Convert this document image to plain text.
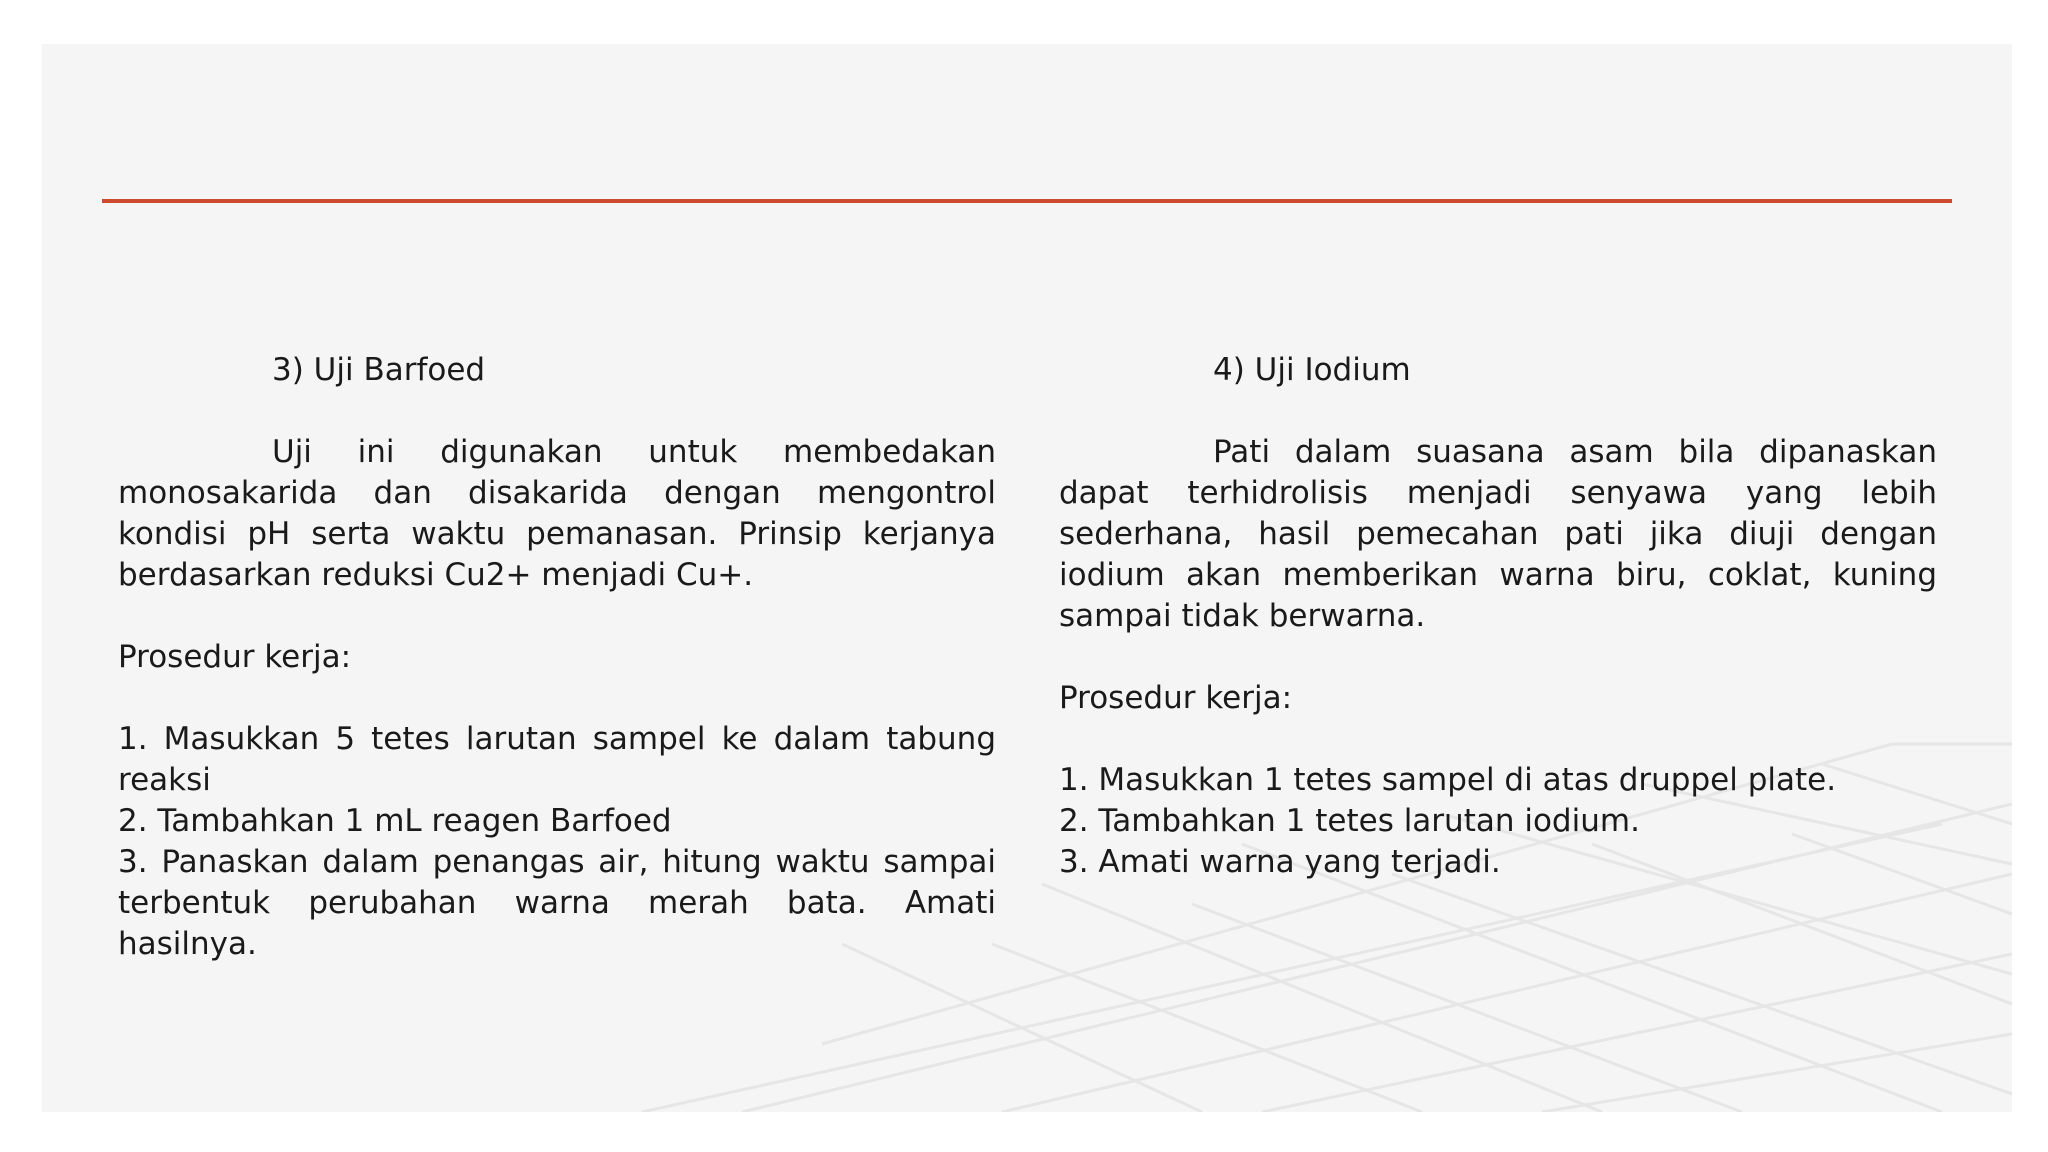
3) Uji Barfoed

Uji ini digunakan untuk membedakan monosakarida dan disakarida dengan mengontrol kondisi pH serta waktu pemanasan. Prinsip kerjanya berdasarkan reduksi Cu2+ menjadi Cu+.

Prosedur kerja:

1. Masukkan 5 tetes larutan sampel ke dalam tabung reaksi
2. Tambahkan 1 mL reagen Barfoed
3. Panaskan dalam penangas air, hitung waktu sampai terbentuk perubahan warna merah bata. Amati hasilnya.

4) Uji Iodium

Pati dalam suasana asam bila dipanaskan dapat terhidrolisis menjadi senyawa yang lebih sederhana, hasil pemecahan pati jika diuji dengan iodium akan memberikan warna biru, coklat, kuning sampai tidak berwarna.

Prosedur kerja:

1. Masukkan 1 tetes sampel di atas druppel plate.
2. Tambahkan 1 tetes larutan iodium.
3. Amati warna yang terjadi.
